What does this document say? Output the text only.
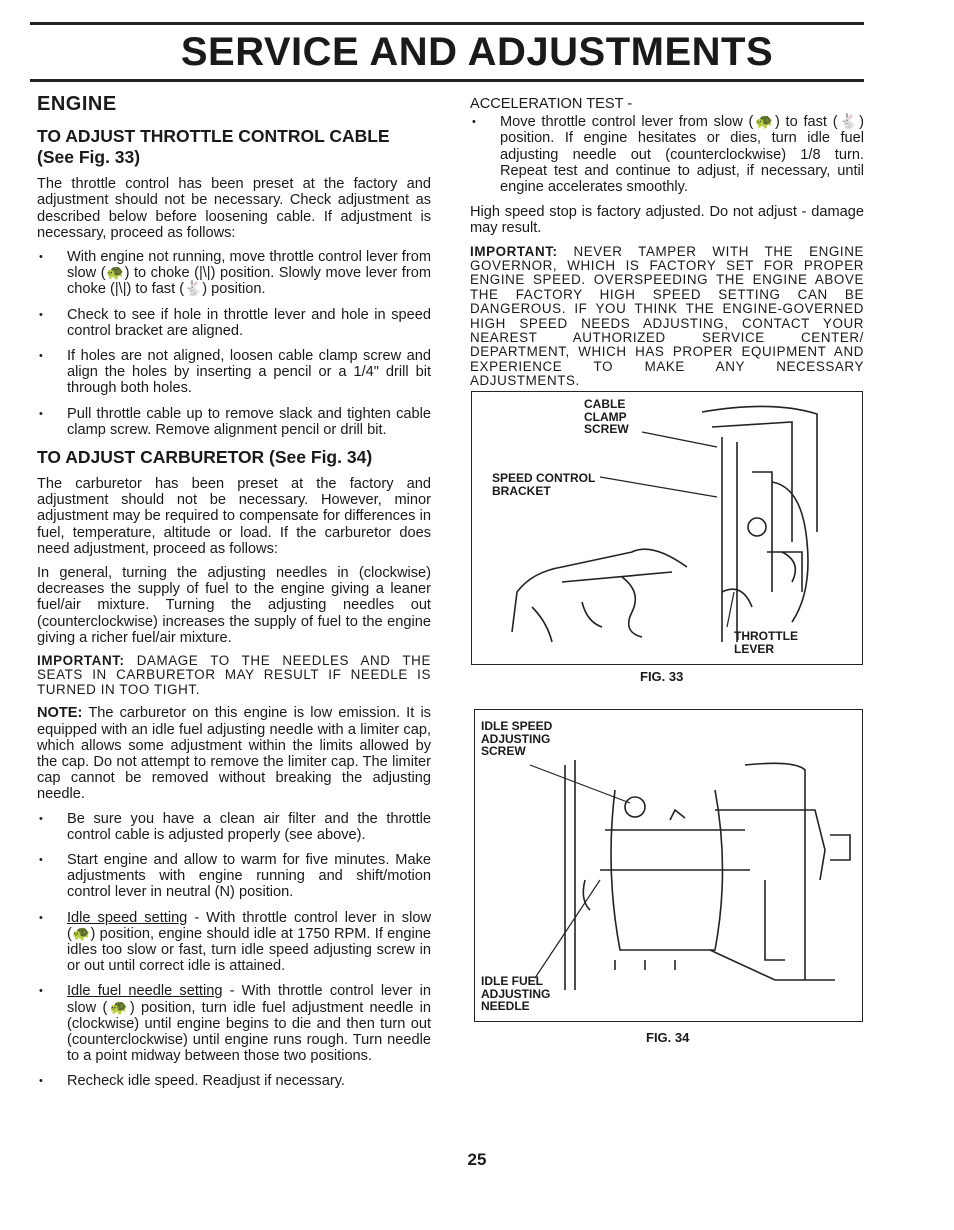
SERVICE AND ADJUSTMENTS
ENGINE
TO ADJUST THROTTLE CONTROL CABLE (See Fig. 33)

The throttle control has been preset at the factory and adjustment should not be necessary. Check adjustment as described below before loosening cable. If adjustment is necessary, proceed as follows:

• With engine not running, move throttle control lever from slow (🐢) to choke (|\|) position. Slowly move lever from choke (|\|) to fast (🐇) position.
• Check to see if hole in throttle lever and hole in speed control bracket are aligned.
• If holes are not aligned, loosen cable clamp screw and align the holes by inserting a pencil or a 1/4" drill bit through both holes.
• Pull throttle cable up to remove slack and tighten cable clamp screw. Remove alignment pencil or drill bit.
TO ADJUST CARBURETOR (See Fig. 34)

The carburetor has been preset at the factory and adjustment should not be necessary. However, minor adjustment may be required to compensate for differences in fuel, temperature, altitude or load. If the carburetor does need adjustment, proceed as follows:

In general, turning the adjusting needles in (clockwise) decreases the supply of fuel to the engine giving a leaner fuel/air mixture. Turning the adjusting needles out (counterclockwise) increases the supply of fuel to the engine giving a richer fuel/air mixture.

IMPORTANT: DAMAGE TO THE NEEDLES AND THE SEATS IN CARBURETOR MAY RESULT IF NEEDLE IS TURNED IN TOO TIGHT.

NOTE: The carburetor on this engine is low emission. It is equipped with an idle fuel adjusting needle with a limiter cap, which allows some adjustment within the limits allowed by the cap. Do not attempt to remove the limiter cap. The limiter cap cannot be removed without breaking the adjusting needle.

• Be sure you have a clean air filter and the throttle control cable is adjusted properly (see above).
• Start engine and allow to warm for five minutes. Make adjustments with engine running and shift/motion control lever in neutral (N) position.
• Idle speed setting - With throttle control lever in slow (🐢) position, engine should idle at 1750 RPM. If engine idles too slow or fast, turn idle speed adjusting screw in or out until correct idle is attained.
• Idle fuel needle setting - With throttle control lever in slow (🐢) position, turn idle fuel adjustment needle in (clockwise) until engine begins to die and then turn out (counterclockwise) until engine runs rough. Turn needle to a point midway between those two positions.
• Recheck idle speed. Readjust if necessary.

ACCELERATION TEST -

• Move throttle control lever from slow (🐢) to fast (🐇) position. If engine hesitates or dies, turn idle fuel adjusting needle out (counterclockwise) 1/8 turn. Repeat test and continue to adjust, if necessary, until engine accelerates smoothly.

High speed stop is factory adjusted. Do not adjust - damage may result.

IMPORTANT: NEVER TAMPER WITH THE ENGINE GOVERNOR, WHICH IS FACTORY SET FOR PROPER ENGINE SPEED. OVERSPEEDING THE ENGINE ABOVE THE FACTORY HIGH SPEED SETTING CAN BE DANGEROUS. IF YOU THINK THE ENGINE-GOVERNED HIGH SPEED NEEDS ADJUSTING, CONTACT YOUR NEAREST AUTHORIZED SERVICE CENTER/ DEPARTMENT, WHICH HAS PROPER EQUIPMENT AND EXPERIENCE TO MAKE ANY NECESSARY ADJUSTMENTS.

CABLE
CLAMP
SCREW
SPEED CONTROL
BRACKET
THROTTLE
LEVER
FIG. 33
IDLE SPEED
ADJUSTING
SCREW
IDLE FUEL
ADJUSTING
NEEDLE
FIG. 34
25
